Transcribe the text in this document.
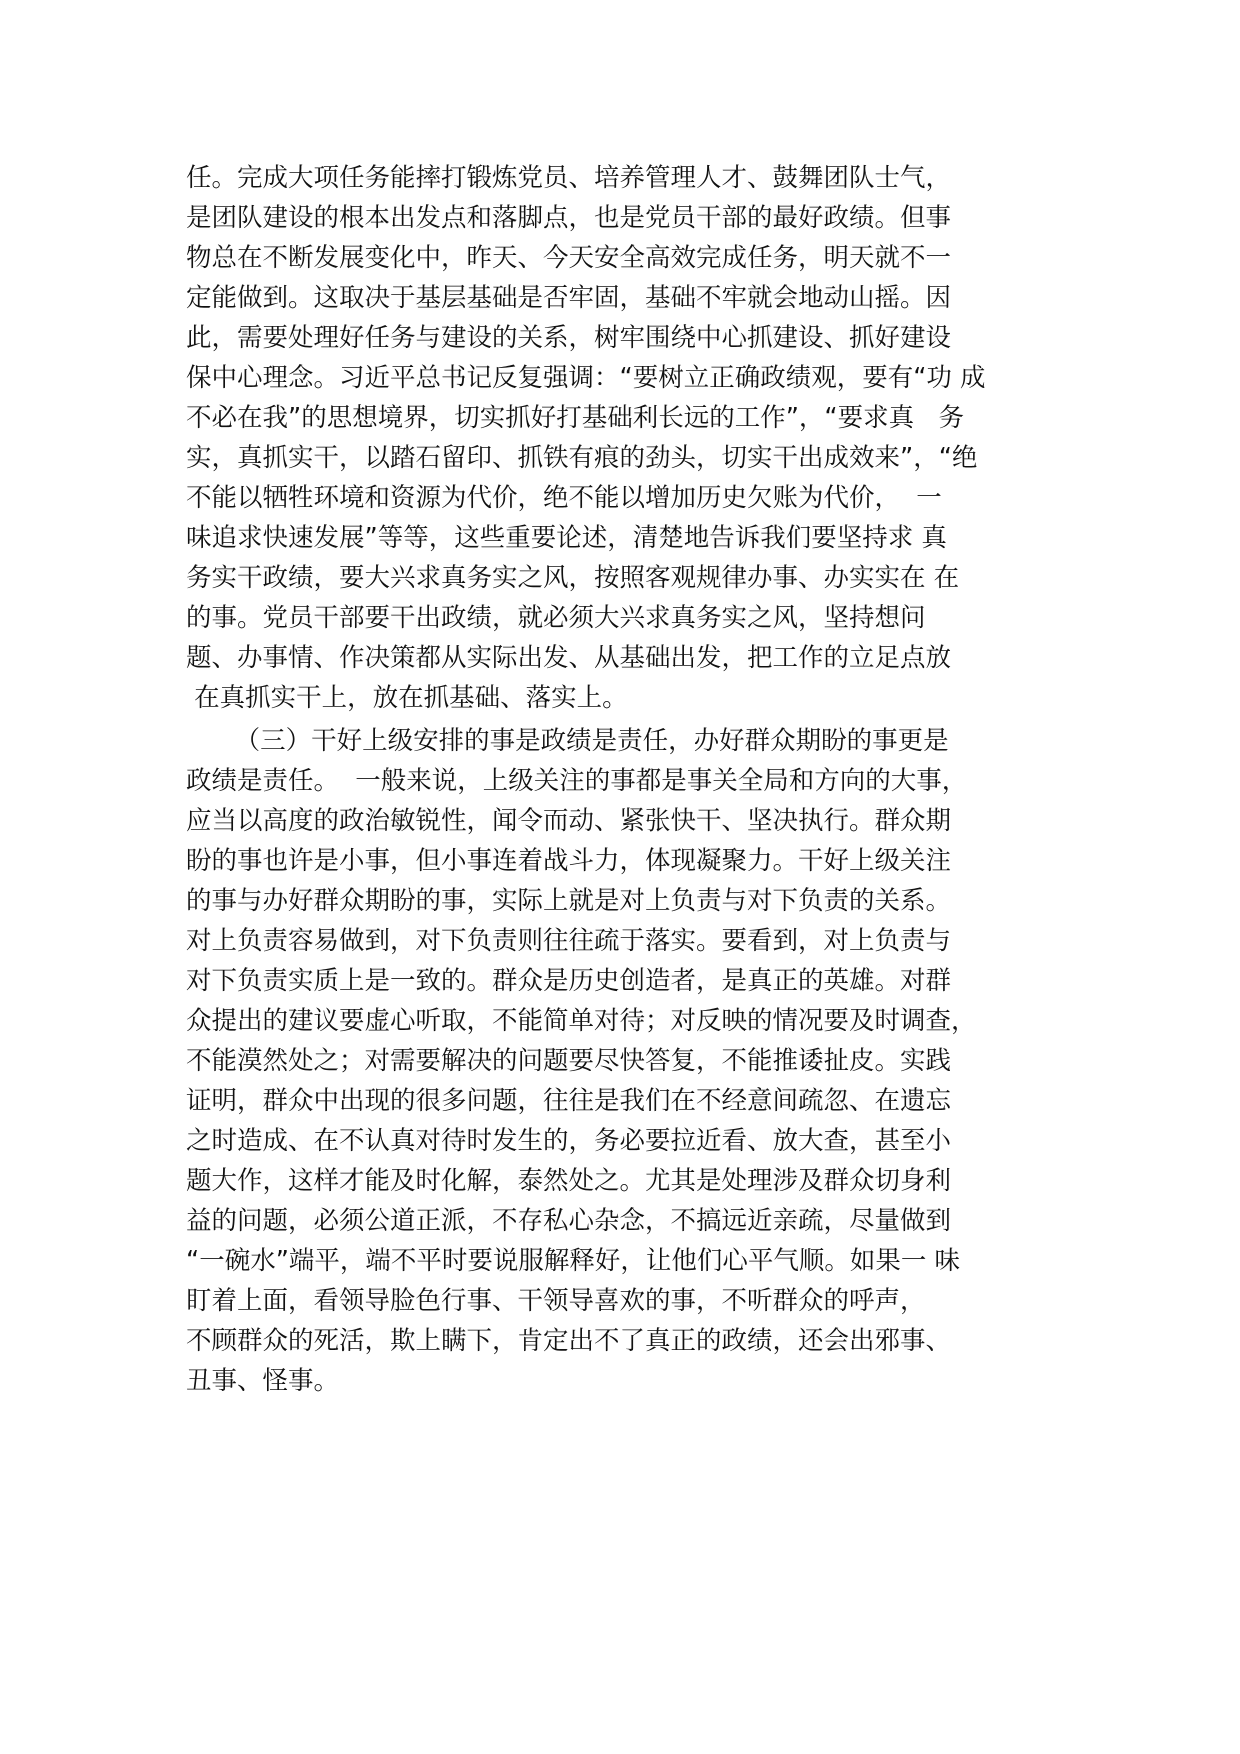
任。完成大项任务能摔打锻炼党员、培养管理人才、鼓舞团队士气，
是团队建设的根本出发点和落脚点，也是党员干部的最好政绩。但事
物总在不断发展变化中，昨天、今天安全高效完成任务，明天就不一
定能做到。这取决于基层基础是否牢固，基础不牢就会地动山摇。因
此，需要处理好任务与建设的关系，树牢围绕中心抓建设、抓好建设
保中心理念。习近平总书记反复强调：“要树立正确政绩观，要有“功 成
不必在我”的思想境界，切实抓好打基础利长远的工作”，“要求真   务
实，真抓实干，以踏石留印、抓铁有痕的劲头，切实干出成效来”，“绝
不能以牺牲环境和资源为代价，绝不能以增加历史欠账为代价，  一
味追求快速发展”等等，这些重要论述，清楚地告诉我们要坚持求 真
务实干政绩，要大兴求真务实之风，按照客观规律办事、办实实在 在
的事。党员干部要干出政绩，就必须大兴求真务实之风，坚持想问
题、办事情、作决策都从实际出发、从基础出发，把工作的立足点放
在真抓实干上，放在抓基础、落实上。
（三）干好上级安排的事是政绩是责任，办好群众期盼的事更是
政绩是责任。  一般来说，上级关注的事都是事关全局和方向的大事，
应当以高度的政治敏锐性，闻令而动、紧张快干、坚决执行。群众期
盼的事也许是小事，但小事连着战斗力，体现凝聚力。干好上级关注
的事与办好群众期盼的事，实际上就是对上负责与对下负责的关系。
对上负责容易做到，对下负责则往往疏于落实。要看到，对上负责与
对下负责实质上是一致的。群众是历史创造者，是真正的英雄。对群
众提出的建议要虚心听取，不能简单对待；对反映的情况要及时调查，
不能漠然处之；对需要解决的问题要尽快答复，不能推诿扯皮。实践
证明，群众中出现的很多问题，往往是我们在不经意间疏忽、在遗忘
之时造成、在不认真对待时发生的，务必要拉近看、放大查，甚至小
题大作，这样才能及时化解，泰然处之。尤其是处理涉及群众切身利
益的问题，必须公道正派，不存私心杂念，不搞远近亲疏，尽量做到
“一碗水”端平，端不平时要说服解释好，让他们心平气顺。如果一 味
盯着上面，看领导脸色行事、干领导喜欢的事，不听群众的呼声，
不顾群众的死活，欺上瞒下，肯定出不了真正的政绩，还会出邪事、
丑事、怪事。
